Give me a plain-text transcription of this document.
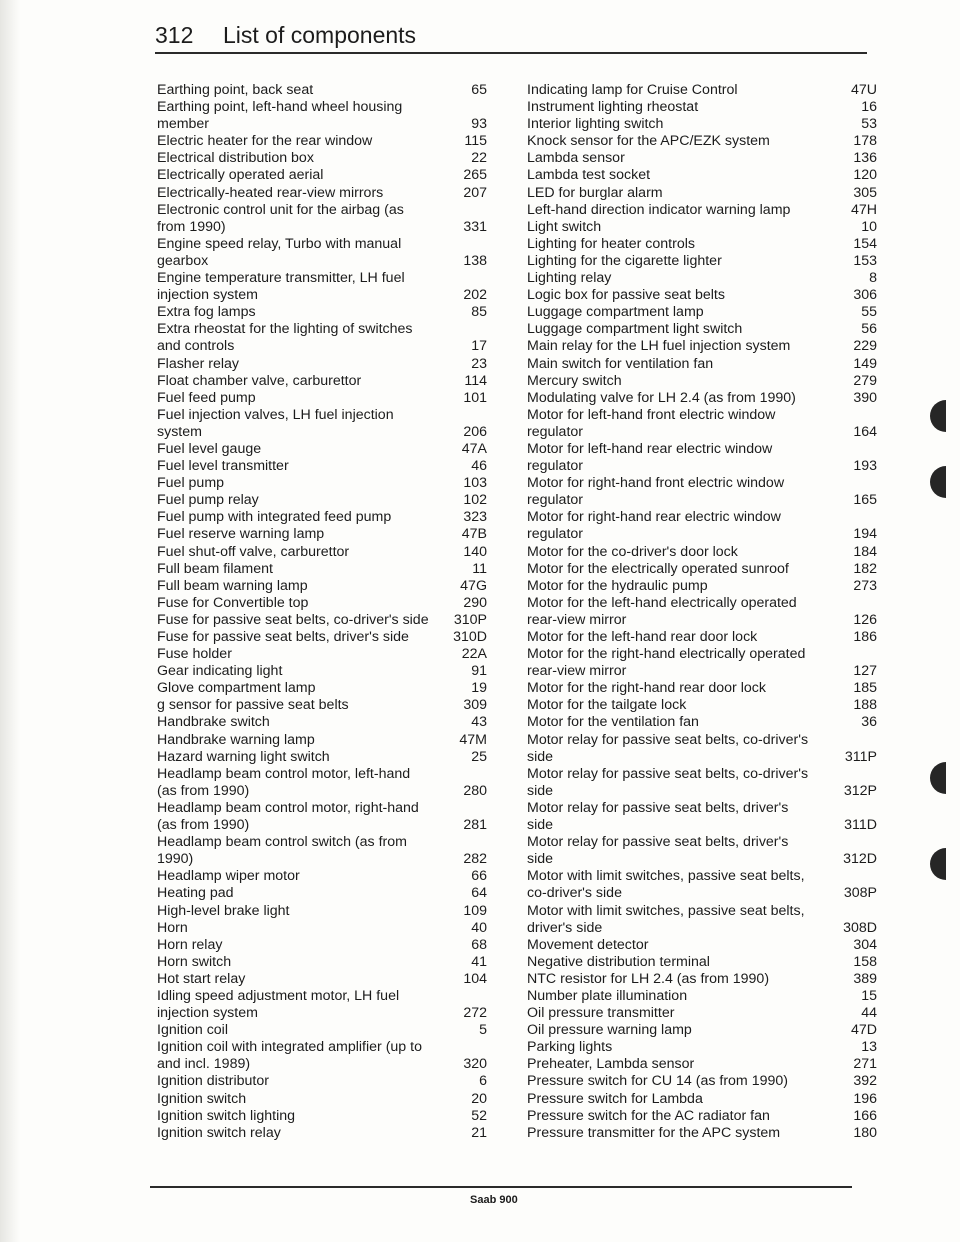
312 List of components
Earthing point, back seat	65
Earthing point, left-hand wheel housing member	93
Electric heater for the rear window	115
Electrical distribution box	22
Electrically operated aerial	265
Electrically-heated rear-view mirrors	207
Electronic control unit for the airbag (as from 1990)	331
Engine speed relay, Turbo with manual gearbox	138
Engine temperature transmitter, LH fuel injection system	202
Extra fog lamps	85
Extra rheostat for the lighting of switches and controls	17
Flasher relay	23
Float chamber valve, carburettor	114
Fuel feed pump	101
Fuel injection valves, LH fuel injection system	206
Fuel level gauge	47A
Fuel level transmitter	46
Fuel pump	103
Fuel pump relay	102
Fuel pump with integrated feed pump	323
Fuel reserve warning lamp	47B
Fuel shut-off valve, carburettor	140
Full beam filament	11
Full beam warning lamp	47G
Fuse for Convertible top	290
Fuse for passive seat belts, co-driver's side	310P
Fuse for passive seat belts, driver's side	310D
Fuse holder	22A
Gear indicating light	91
Glove compartment lamp	19
g sensor for passive seat belts	309
Handbrake switch	43
Handbrake warning lamp	47M
Hazard warning light switch	25
Headlamp beam control motor, left-hand (as from 1990)	280
Headlamp beam control motor, right-hand (as from 1990)	281
Headlamp beam control switch (as from 1990)	282
Headlamp wiper motor	66
Heating pad	64
High-level brake light	109
Horn	40
Horn relay	68
Horn switch	41
Hot start relay	104
Idling speed adjustment motor, LH fuel injection system	272
Ignition coil	5
Ignition coil with integrated amplifier (up to and incl. 1989)	320
Ignition distributor	6
Ignition switch	20
Ignition switch lighting	52
Ignition switch relay	21
Indicating lamp for Cruise Control	47U
Instrument lighting rheostat	16
Interior lighting switch	53
Knock sensor for the APC/EZK system	178
Lambda sensor	136
Lambda test socket	120
LED for burglar alarm	305
Left-hand direction indicator warning lamp	47H
Light switch	10
Lighting for heater controls	154
Lighting for the cigarette lighter	153
Lighting relay	8
Logic box for passive seat belts	306
Luggage compartment lamp	55
Luggage compartment light switch	56
Main relay for the LH fuel injection system	229
Main switch for ventilation fan	149
Mercury switch	279
Modulating valve for LH 2.4 (as from 1990)	390
Motor for left-hand front electric window regulator	164
Motor for left-hand rear electric window regulator	193
Motor for right-hand front electric window regulator	165
Motor for right-hand rear electric window regulator	194
Motor for the co-driver's door lock	184
Motor for the electrically operated sunroof	182
Motor for the hydraulic pump	273
Motor for the left-hand electrically operated rear-view mirror	126
Motor for the left-hand rear door lock	186
Motor for the right-hand electrically operated rear-view mirror	127
Motor for the right-hand rear door lock	185
Motor for the tailgate lock	188
Motor for the ventilation fan	36
Motor relay for passive seat belts, co-driver's side	311P
Motor relay for passive seat belts, co-driver's side	312P
Motor relay for passive seat belts, driver's side	311D
Motor relay for passive seat belts, driver's side	312D
Motor with limit switches, passive seat belts, co-driver's side	308P
Motor with limit switches, passive seat belts, driver's side	308D
Movement detector	304
Negative distribution terminal	158
NTC resistor for LH 2.4 (as from 1990)	389
Number plate illumination	15
Oil pressure transmitter	44
Oil pressure warning lamp	47D
Parking lights	13
Preheater, Lambda sensor	271
Pressure switch for CU 14 (as from 1990)	392
Pressure switch for Lambda	196
Pressure switch for the AC radiator fan	166
Pressure transmitter for the APC system	180
Saab 900
